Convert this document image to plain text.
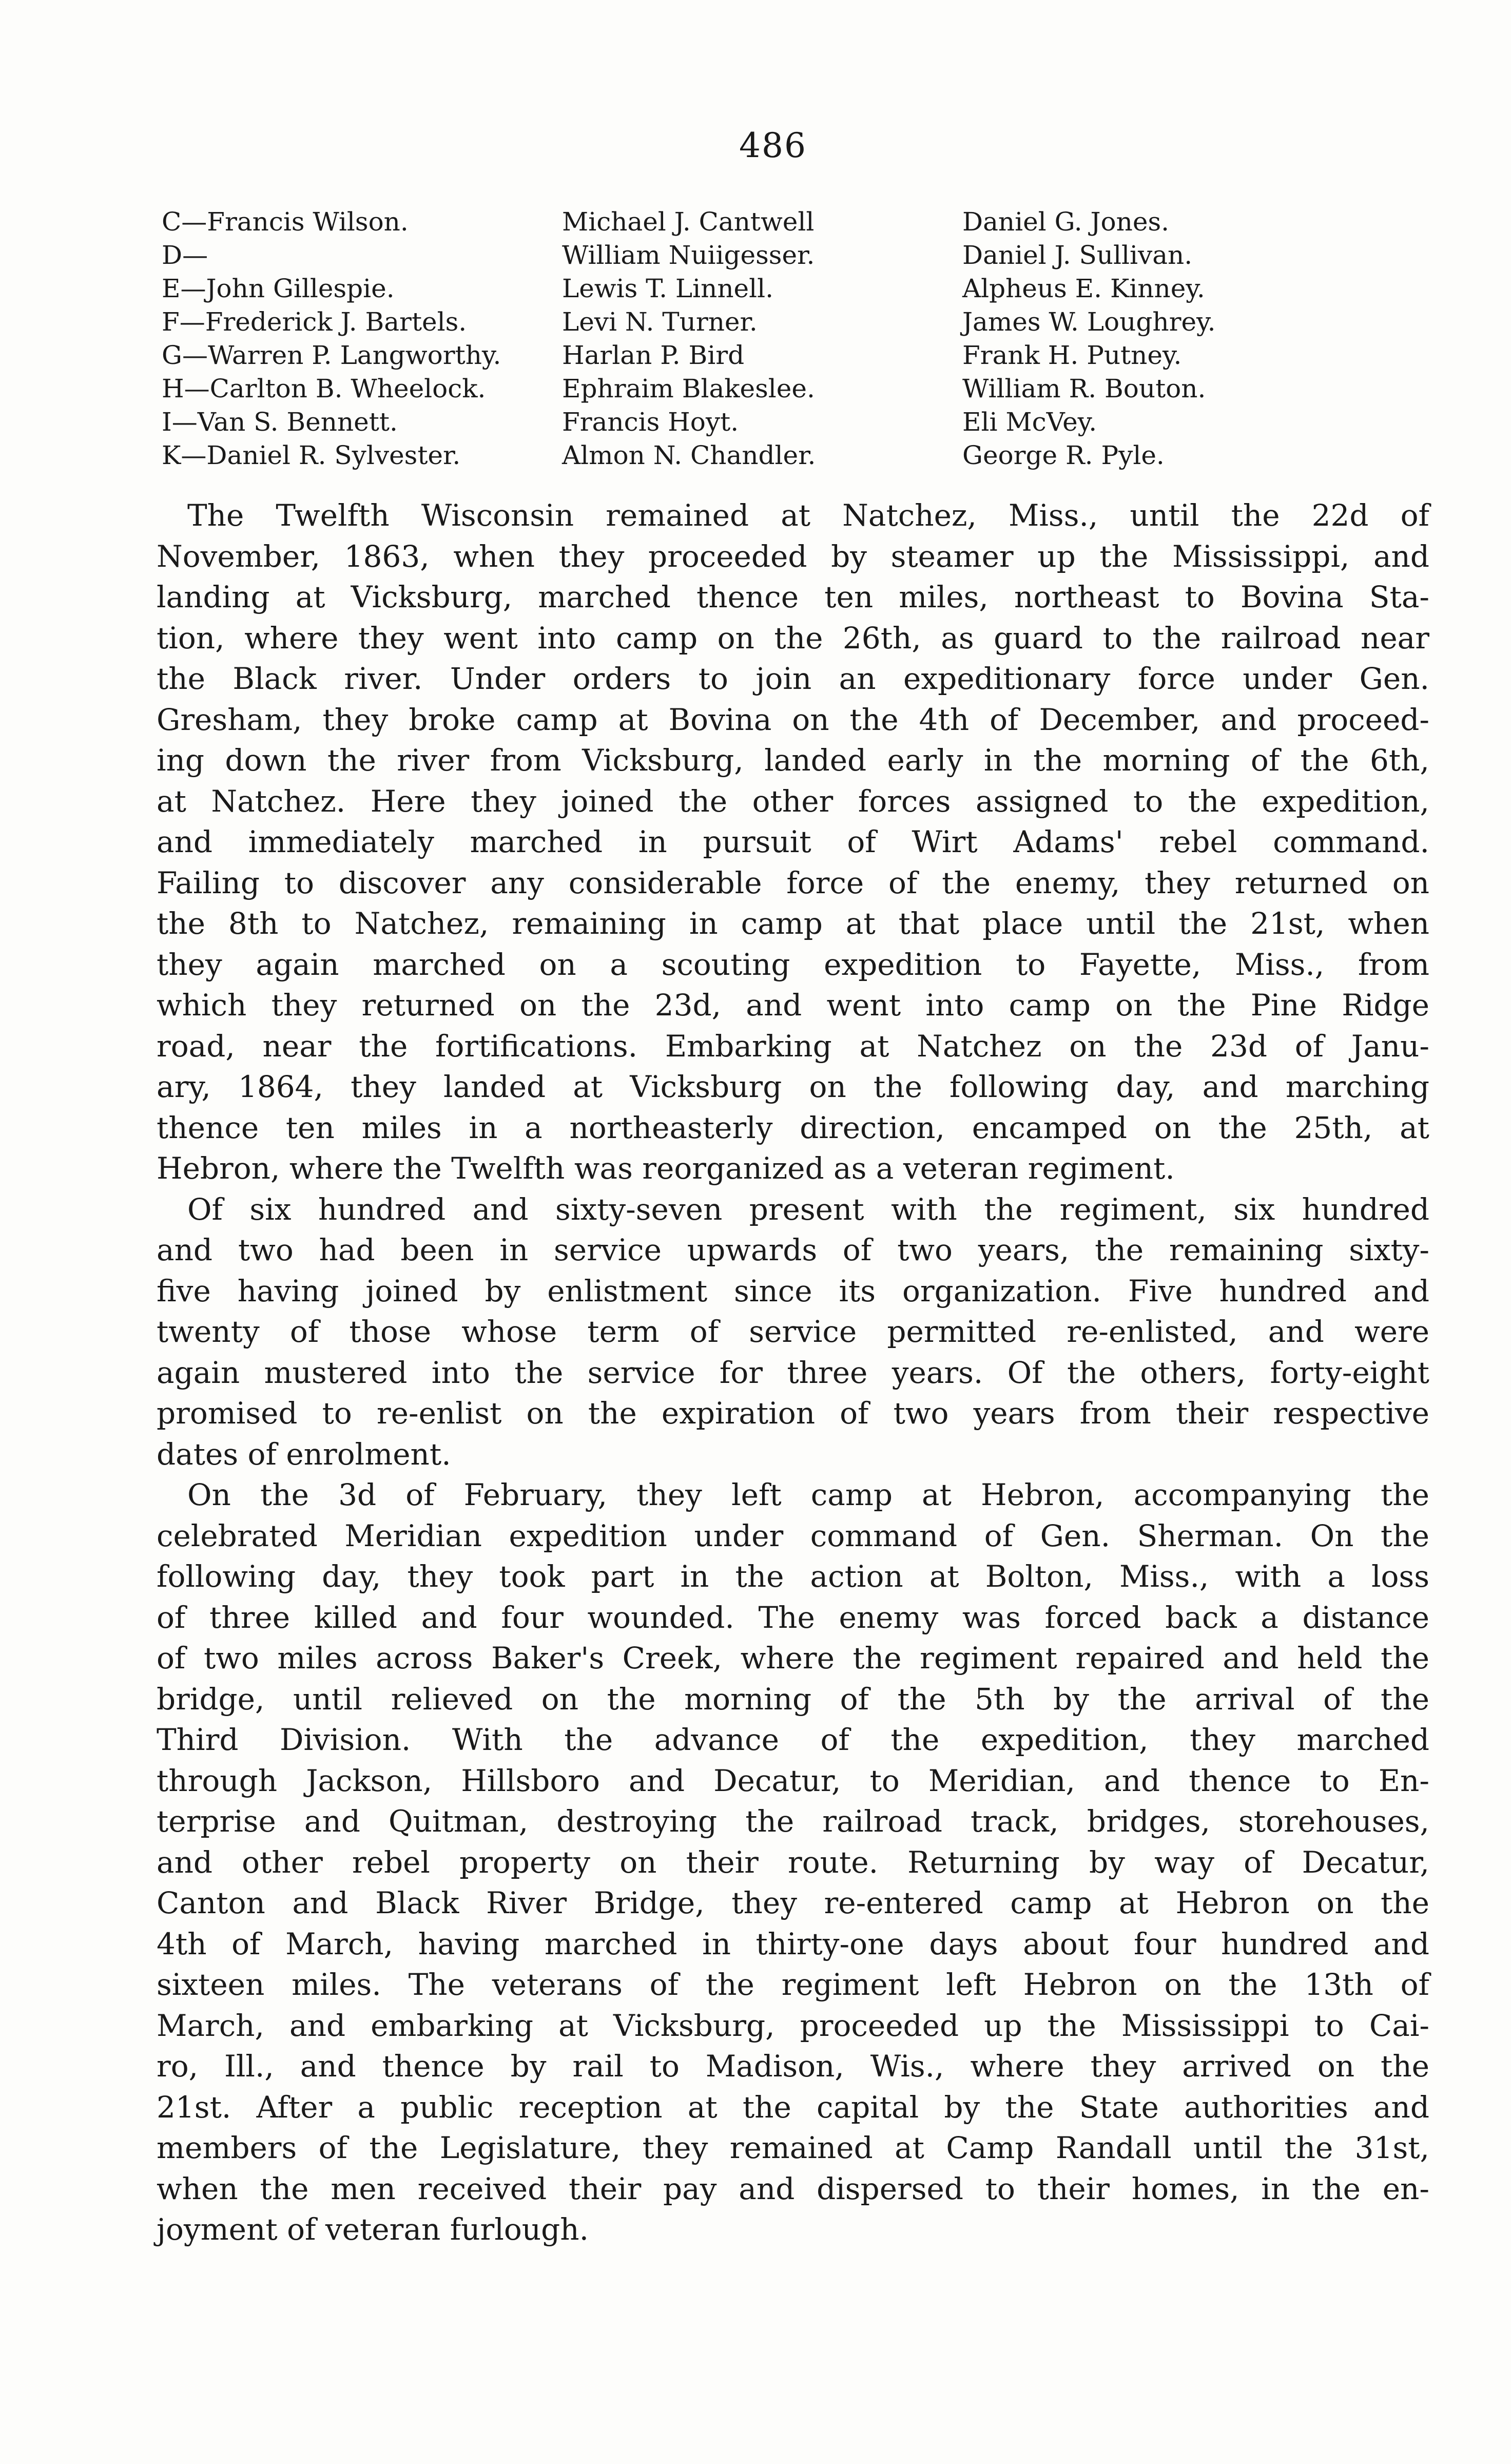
486
C—Francis Wilson.	Michael J. Cantwell	Daniel G. Jones.
D—	William Nuiigesser.	Daniel J. Sullivan.
E—John Gillespie.	Lewis T. Linnell.	Alpheus E. Kinney.
F—Frederick J. Bartels.	Levi N. Turner.	James W. Loughrey.
G—Warren P. Langworthy.	Harlan P. Bird	Frank H. Putney.
H—Carlton B. Wheelock.	Ephraim Blakeslee.	William R. Bouton.
I—Van S. Bennett.	Francis Hoyt.	Eli McVey.
K—Daniel R. Sylvester.	Almon N. Chandler.	George R. Pyle.
The Twelfth Wisconsin remained at Natchez, Miss., until the 22d of
November, 1863, when they proceeded by steamer up the Mississippi, and
landing at Vicksburg, marched thence ten miles, northeast to Bovina Sta-
tion, where they went into camp on the 26th, as guard to the railroad near
the Black river. Under orders to join an expeditionary force under Gen.
Gresham, they broke camp at Bovina on the 4th of December, and proceed-
ing down the river from Vicksburg, landed early in the morning of the 6th,
at Natchez. Here they joined the other forces assigned to the expedition,
and immediately marched in pursuit of Wirt Adams' rebel command.
Failing to discover any considerable force of the enemy, they returned on
the 8th to Natchez, remaining in camp at that place until the 21st, when
they again marched on a scouting expedition to Fayette, Miss., from
which they returned on the 23d, and went into camp on the Pine Ridge
road, near the fortifications. Embarking at Natchez on the 23d of Janu-
ary, 1864, they landed at Vicksburg on the following day, and marching
thence ten miles in a northeasterly direction, encamped on the 25th, at
Hebron, where the Twelfth was reorganized as a veteran regiment.
Of six hundred and sixty-seven present with the regiment, six hundred
and two had been in service upwards of two years, the remaining sixty-
five having joined by enlistment since its organization. Five hundred and
twenty of those whose term of service permitted re-enlisted, and were
again mustered into the service for three years. Of the others, forty-eight
promised to re-enlist on the expiration of two years from their respective
dates of enrolment.
On the 3d of February, they left camp at Hebron, accompanying the
celebrated Meridian expedition under command of Gen. Sherman. On the
following day, they took part in the action at Bolton, Miss., with a loss
of three killed and four wounded. The enemy was forced back a distance
of two miles across Baker's Creek, where the regiment repaired and held the
bridge, until relieved on the morning of the 5th by the arrival of the
Third Division. With the advance of the expedition, they marched
through Jackson, Hillsboro and Decatur, to Meridian, and thence to En-
terprise and Quitman, destroying the railroad track, bridges, storehouses,
and other rebel property on their route. Returning by way of Decatur,
Canton and Black River Bridge, they re-entered camp at Hebron on the
4th of March, having marched in thirty-one days about four hundred and
sixteen miles. The veterans of the regiment left Hebron on the 13th of
March, and embarking at Vicksburg, proceeded up the Mississippi to Cai-
ro, Ill., and thence by rail to Madison, Wis., where they arrived on the
21st. After a public reception at the capital by the State authorities and
members of the Legislature, they remained at Camp Randall until the 31st,
when the men received their pay and dispersed to their homes, in the en-
joyment of veteran furlough.
